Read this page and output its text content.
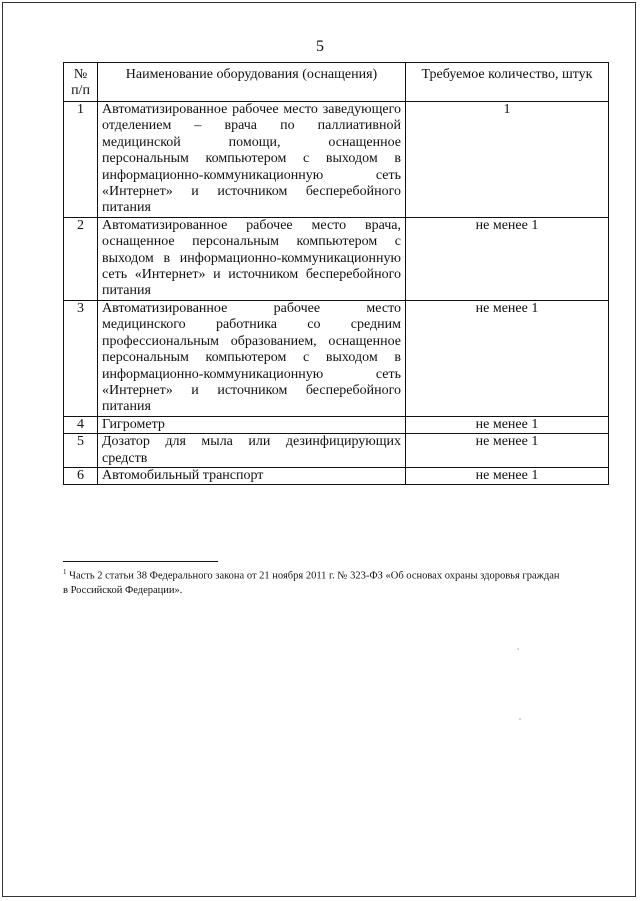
5
№
п/п	Наименование оборудования (оснащения)	Требуемое количество, штук
1	Автоматизированное рабочее место заведующего отделением – врача по паллиативной медицинской помощи, оснащенное персональным компьютером с выходом в информационно-коммуникационную сеть «Интернет» и источником бесперебойного питания	1
2	Автоматизированное рабочее место врача, оснащенное персональным компьютером с выходом в информационно-коммуникационную сеть «Интернет» и источником бесперебойного питания	не менее 1
3	Автоматизированное рабочее место медицинского работника со средним профессиональным образованием, оснащенное персональным компьютером с выходом в информационно-коммуникационную сеть «Интернет» и источником бесперебойного питания	не менее 1
4	Гигрометр	не менее 1
5	Дозатор для мыла или дезинфицирующих средств	не менее 1
6	Автомобильный транспорт	не менее 1
$^1$ Часть 2 статьи 38 Федерального закона от 21 ноября 2011 г. № 323-ФЗ «Об основах охраны здоровья граждан
в Российской Федерации».
